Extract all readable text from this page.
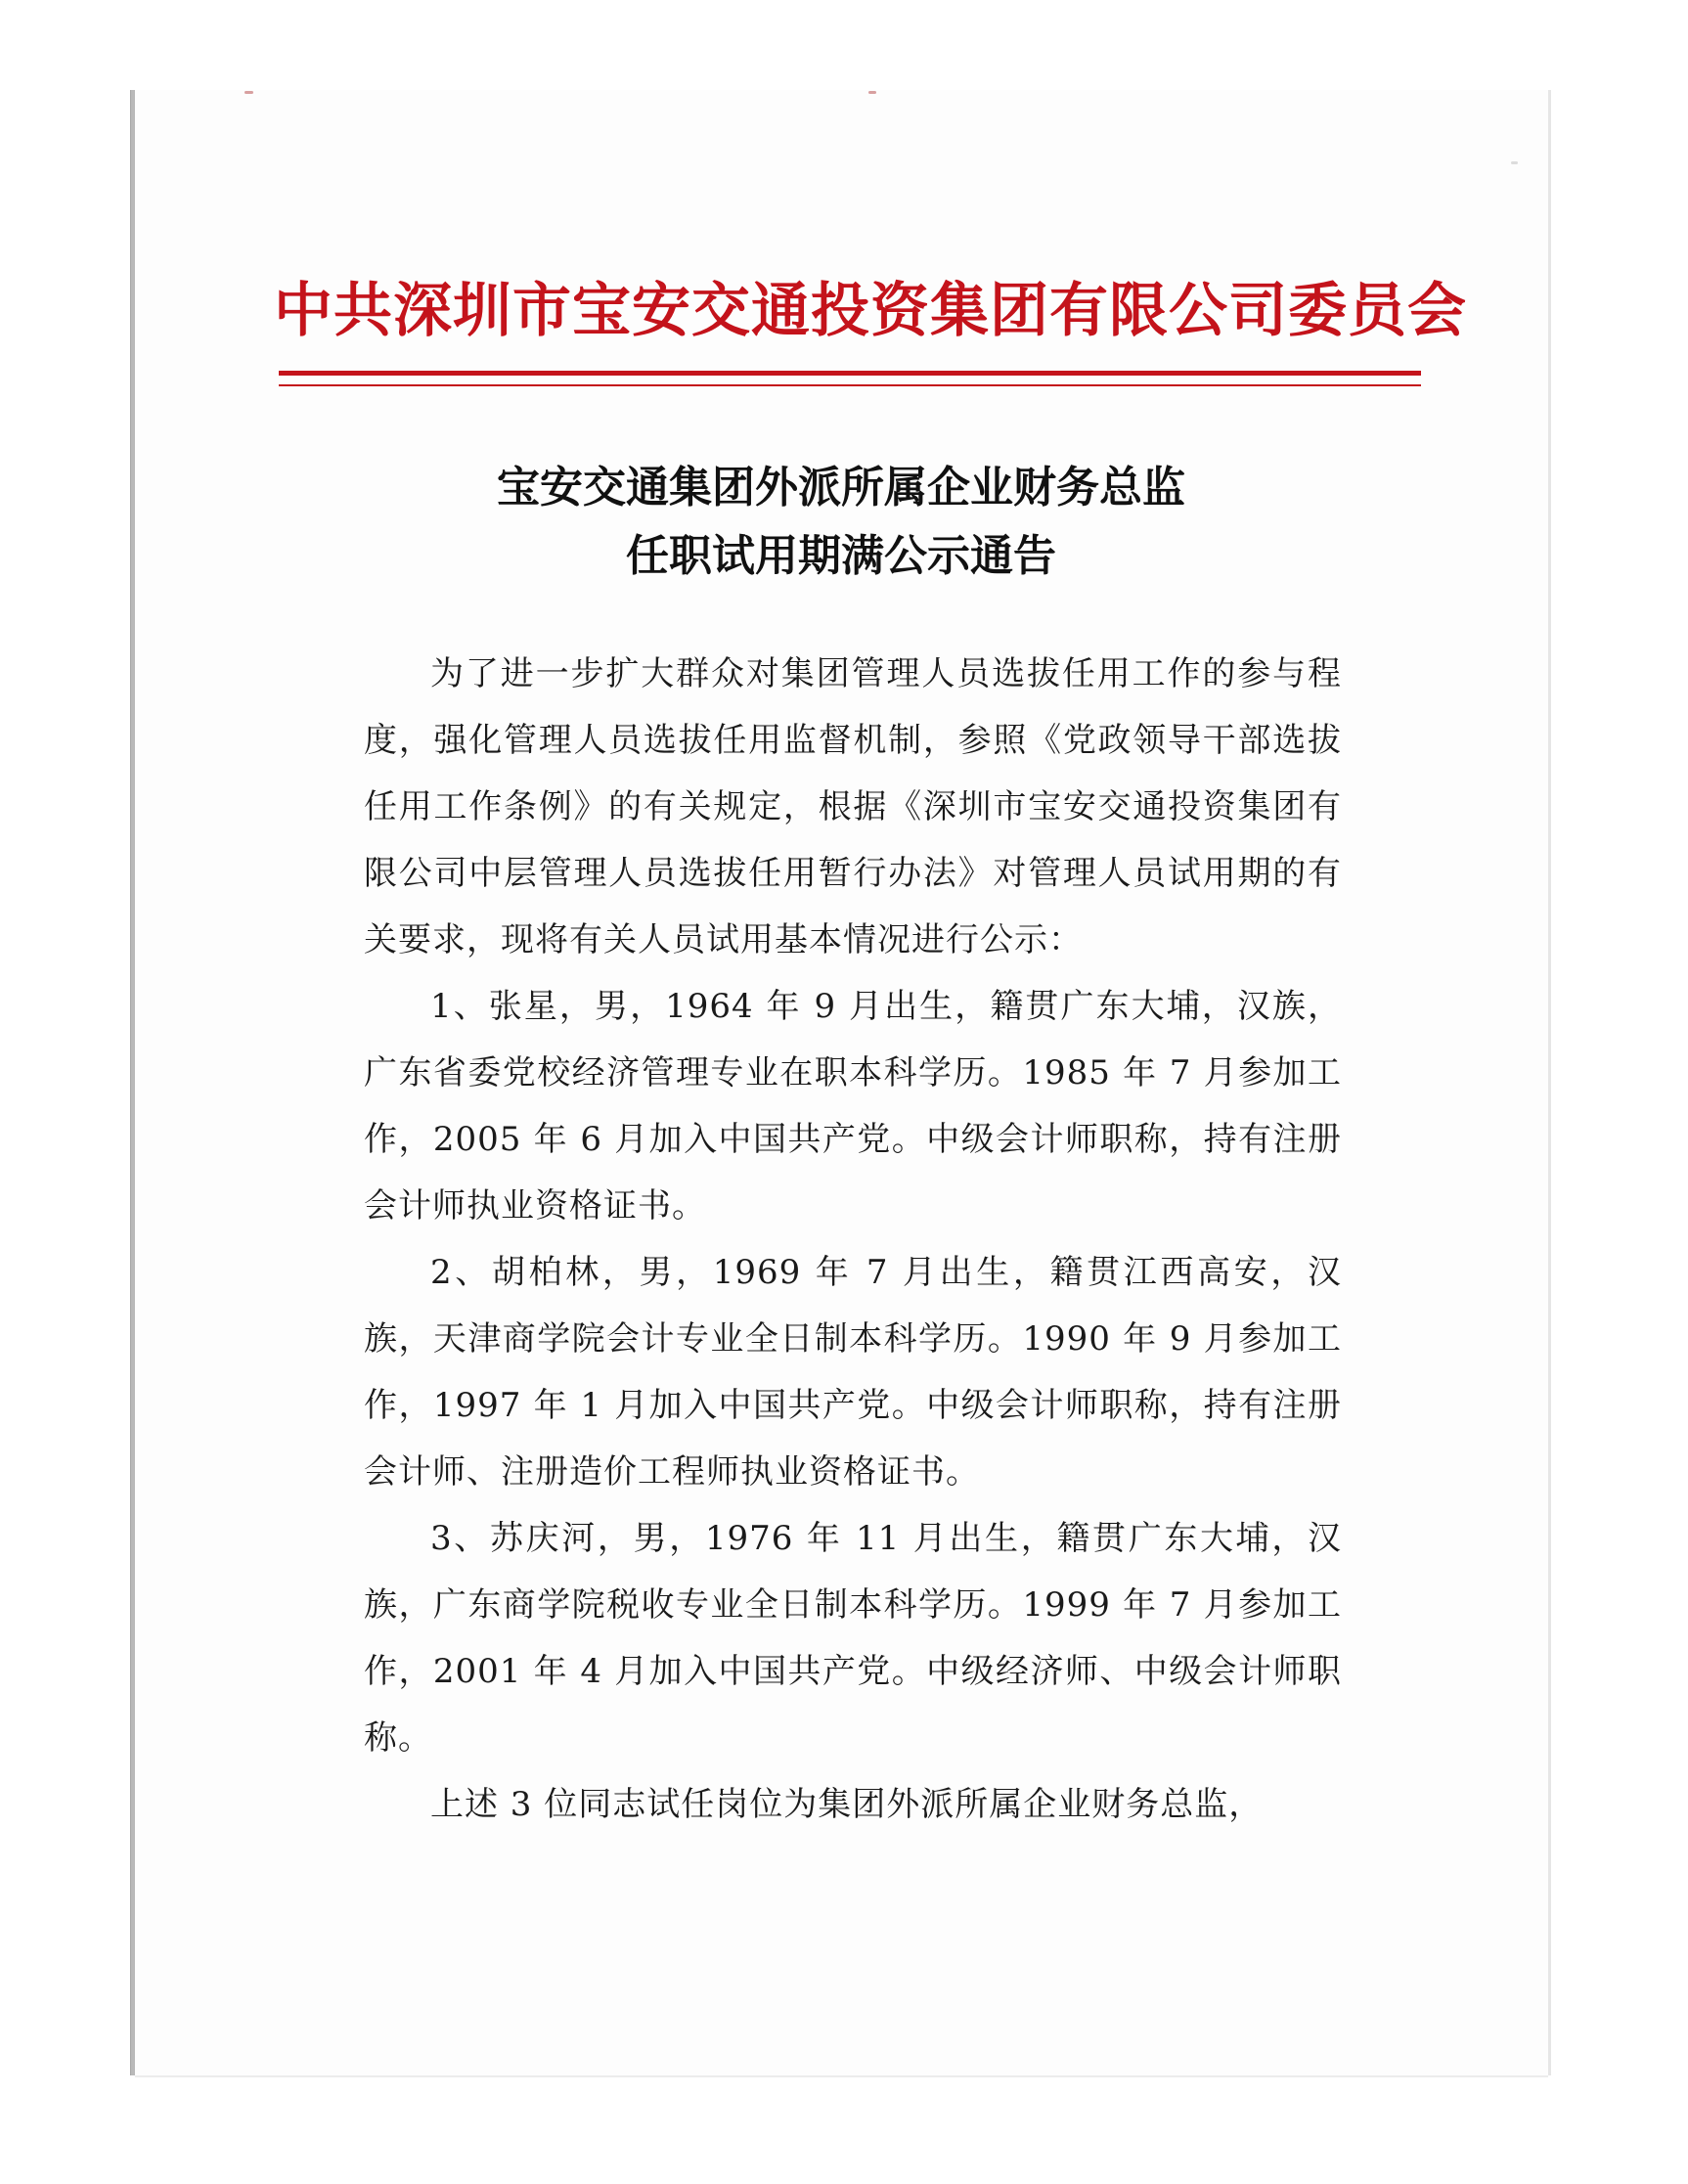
中共深圳市宝安交通投资集团有限公司委员会
宝安交通集团外派所属企业财务总监
任职试用期满公示通告

为了进一步扩大群众对集团管理人员选拔任用工作的参与程度，强化管理人员选拔任用监督机制，参照《党政领导干部选拔任用工作条例》的有关规定，根据《深圳市宝安交通投资集团有限公司中层管理人员选拔任用暂行办法》对管理人员试用期的有关要求，现将有关人员试用基本情况进行公示：

1、张星，男，1964 年 9 月出生，籍贯广东大埔，汉族，广东省委党校经济管理专业在职本科学历。1985 年 7 月参加工作，2005 年 6 月加入中国共产党。中级会计师职称，持有注册会计师执业资格证书。

2、胡柏林，男，1969 年 7 月出生，籍贯江西高安，汉族，天津商学院会计专业全日制本科学历。1990 年 9 月参加工作，1997 年 1 月加入中国共产党。中级会计师职称，持有注册会计师、注册造价工程师执业资格证书。

3、苏庆河，男，1976 年 11 月出生，籍贯广东大埔，汉族，广东商学院税收专业全日制本科学历。1999 年 7 月参加工作，2001 年 4 月加入中国共产党。中级经济师、中级会计师职称。

上述 3 位同志试任岗位为集团外派所属企业财务总监，
